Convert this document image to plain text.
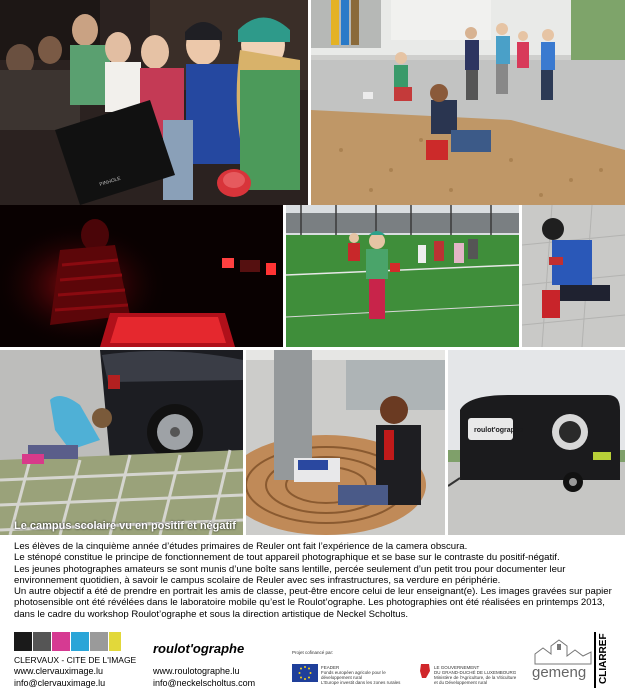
PINHOLE
Le campus scolaire vu en positif et négatif
roulot'ographe

Les élèves de la cinquième année d’études primaires de Reuler ont fait l’expérience de la camera obscura.

Le sténopé constitue le principe de fonctionnement de tout appareil photographique et se base sur le contraste du positif-négatif.

Les jeunes photographes amateurs se sont munis d’une boîte sans lentille, percée seulement d’un petit trou pour documenter leur environnement quotidien, à savoir le campus scolaire de Reuler avec ses infrastructures, sa verdure en périphérie.

Un autre objectif a été de prendre en portrait les amis de classe, peut-être encore celui de leur enseignant(e). Les images gravées sur papier photosensible ont été révélées dans le laboratoire mobile qu’est le Roulot’ographe. Les photographies ont été réalisées en printemps 2013, dans le cadre du workshop Roulot’ographe et sous la direction artistique de Neckel Scholtus.

CLERVAUX - CITE DE L'IMAGE
www.clervauximage.lu
info@clervauximage.lu
roulot'ographe
www.roulotographe.lu
info@neckelscholtus.com
Projet cofinancé par:
FEADER
Fonds européen agricole pour le développement rural
L'Europe investit dans les zones rurales
LE GOUVERNEMENT
DU GRAND-DUCHÉ DE LUXEMBOURG
Ministère de l'Agriculture, de la Viticulture
et du Développement rural
gemeng CLIARREF
